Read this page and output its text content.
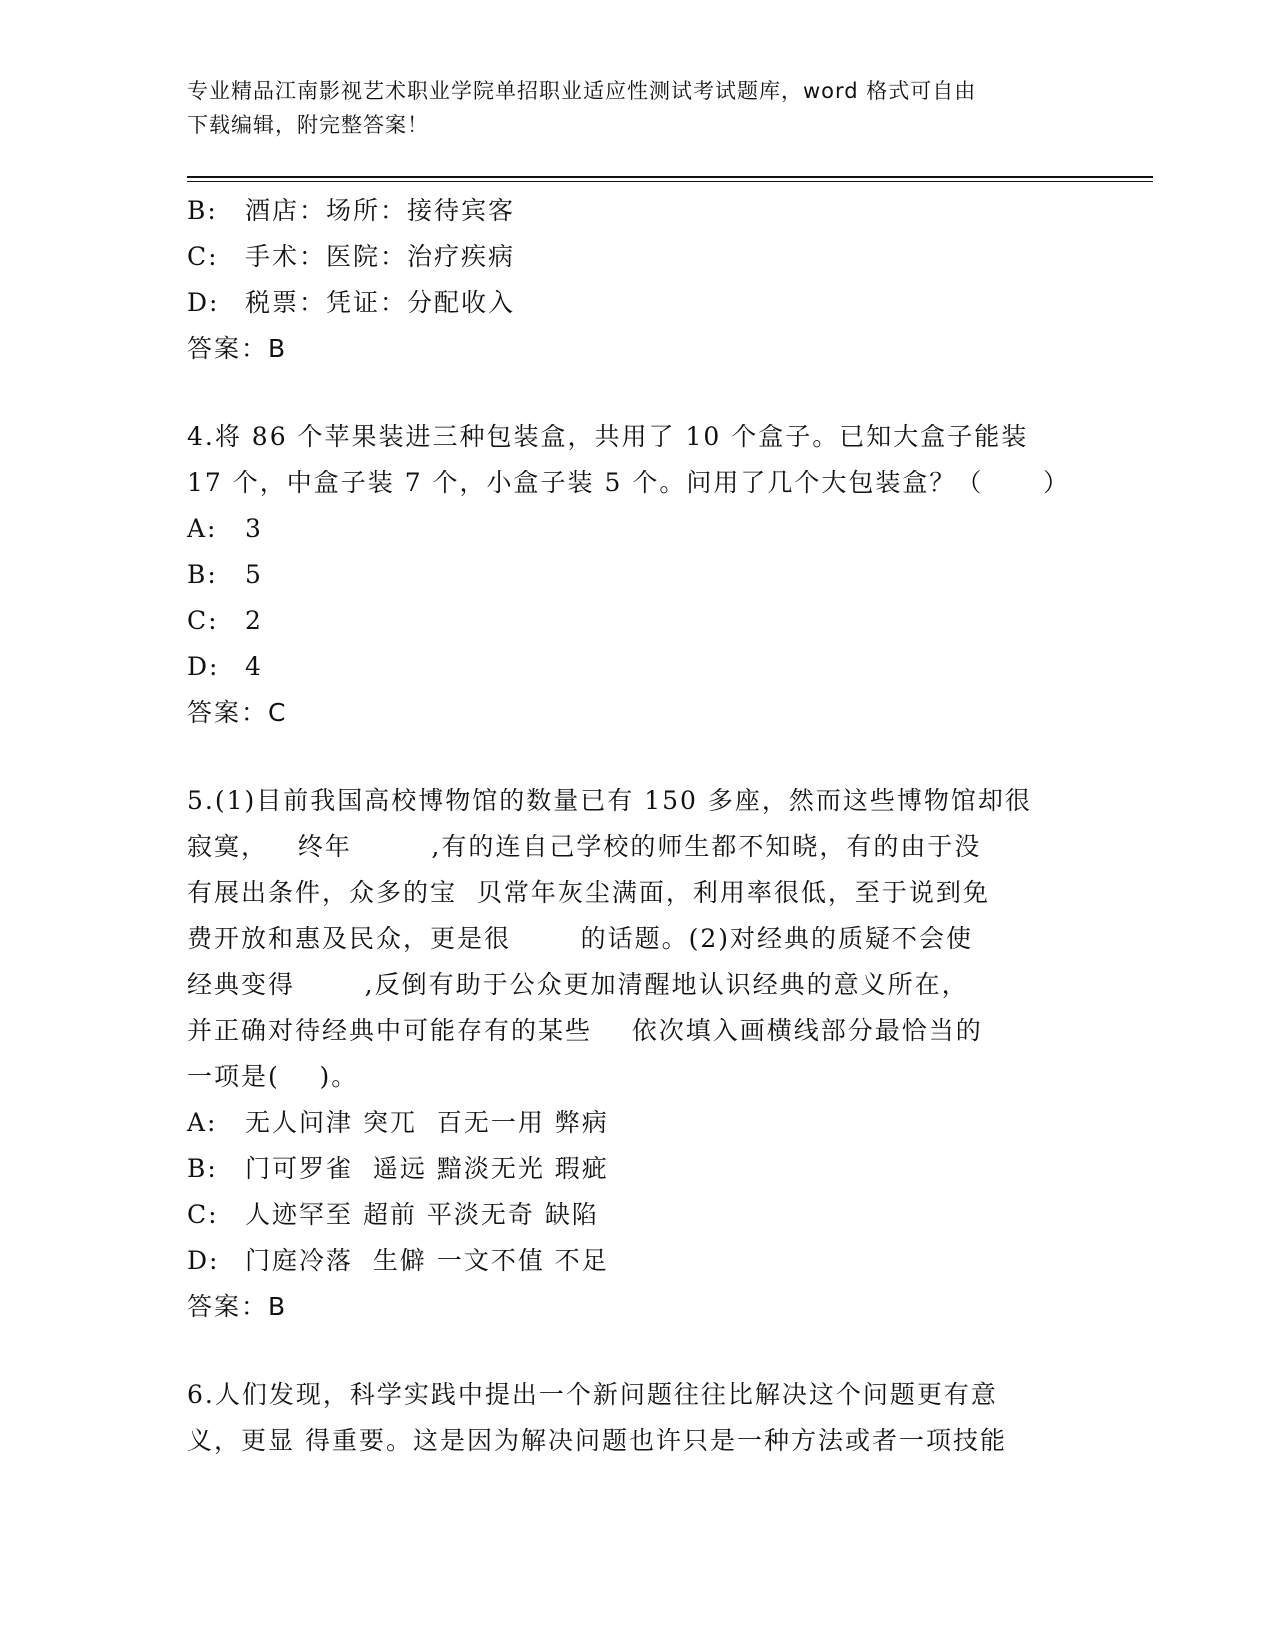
专业精品江南影视艺术职业学院单招职业适应性测试考试题库，word 格式可自由
下载编辑，附完整答案！
B: 酒店：场所：接待宾客
C: 手术：医院：治疗疾病
D: 税票：凭证：分配收入
答案：B
4.将 86 个苹果装进三种包装盒，共用了 10 个盒子。已知大盒子能装
17 个，中盒子装 7 个，小盒子装 5 个。问用了几个大包装盒？（      ）
A: 3
B: 5
C: 2
D: 4
答案：C
5.(1)目前我国高校博物馆的数量已有 150 多座，然而这些博物馆却很
寂寞，   终年        ,有的连自己学校的师生都不知晓，有的由于没
有展出条件，众多的宝  贝常年灰尘满面，利用率很低，至于说到免
费开放和惠及民众，更是很       的话题。(2)对经典的质疑不会使
经典变得       ,反倒有助于公众更加清醒地认识经典的意义所在，
并正确对待经典中可能存有的某些    依次填入画横线部分最恰当的
一项是(    )。
A: 无人问津 突兀  百无一用 弊病
B: 门可罗雀  遥远 黯淡无光 瑕疵
C: 人迹罕至 超前 平淡无奇 缺陷
D: 门庭冷落  生僻 一文不值 不足
答案：B
6.人们发现，科学实践中提出一个新问题往往比解决这个问题更有意
义，更显 得重要。这是因为解决问题也许只是一种方法或者一项技能
